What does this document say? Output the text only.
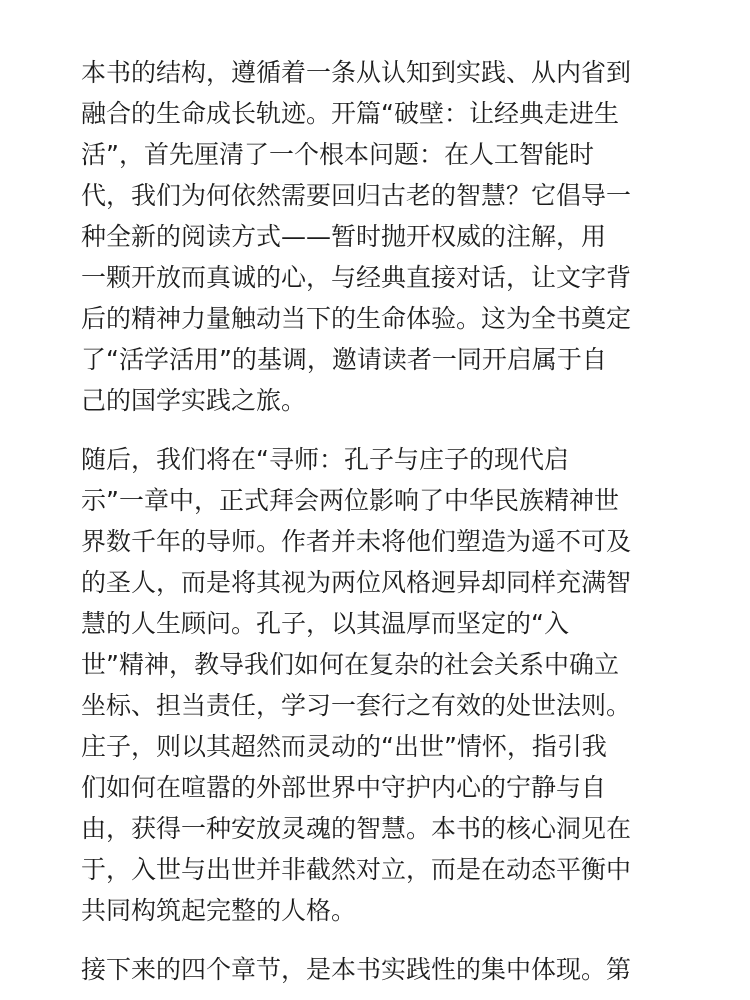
本书的结构，遵循着一条从认知到实践、从内省到
融合的生命成长轨迹。开篇“破壁：让经典走进生
活”，首先厘清了一个根本问题：在人工智能时
代，我们为何依然需要回归古老的智慧？它倡导一
种全新的阅读方式——暂时抛开权威的注解，用
一颗开放而真诚的心，与经典直接对话，让文字背
后的精神力量触动当下的生命体验。这为全书奠定
了“活学活用”的基调，邀请读者一同开启属于自
己的国学实践之旅。
随后，我们将在“寻师：孔子与庄子的现代启
示”一章中，正式拜会两位影响了中华民族精神世
界数千年的导师。作者并未将他们塑造为遥不可及
的圣人，而是将其视为两位风格迥异却同样充满智
慧的人生顾问。孔子，以其温厚而坚定的“入
世”精神，教导我们如何在复杂的社会关系中确立
坐标、担当责任，学习一套行之有效的处世法则。
庄子，则以其超然而灵动的“出世”情怀，指引我
们如何在喧嚣的外部世界中守护内心的宁静与自
由，获得一种安放灵魂的智慧。本书的核心洞见在
于，入世与出世并非截然对立，而是在动态平衡中
共同构筑起完整的人格。
接下来的四个章节，是本书实践性的集中体现。第
